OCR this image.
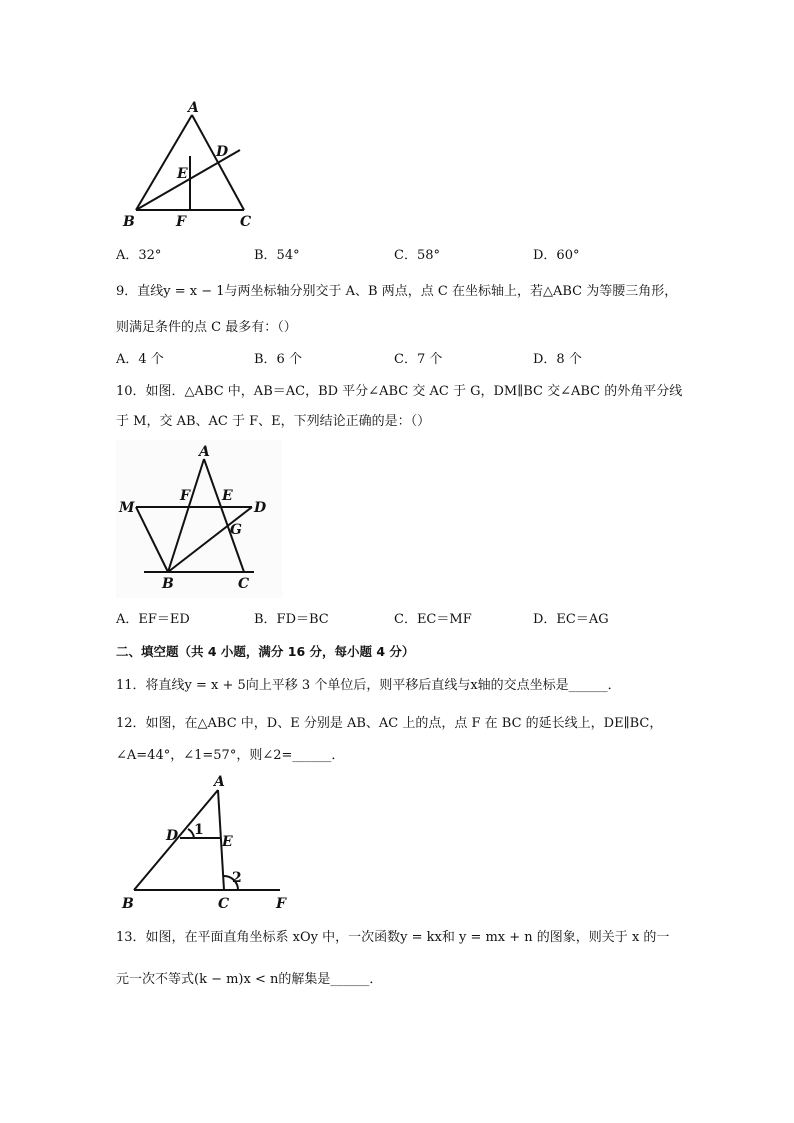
A
D
E
B	F	C
A．32°	B．54°	C．58°	D．60°
9．直线y = x − 1与两坐标轴分别交于 A、B 两点，点 C 在坐标轴上，若△ABC 为等腰三角形，
则满足条件的点 C 最多有：（）
A．4 个	B．6 个	C．7 个	D．8 个
10．如图．△ABC 中，AB＝AC，BD 平分∠ABC 交 AC 于 G，DM∥BC 交∠ABC 的外角平分线
于 M，交 AB、AC 于 F、E，下列结论正确的是：（）
A
M
F E
D
G
B	C
A．EF＝ED	B．FD＝BC	C．EC＝MF	D．EC＝AG
二、填空题（共 4 小题，满分 16 分，每小题 4 分）
11．将直线y = x + 5向上平移 3 个单位后，则平移后直线与x轴的交点坐标是______．
12．如图，在△ABC 中，D、E 分别是 AB、AC 上的点，点 F 在 BC 的延长线上，DE∥BC，
∠A=44°，∠1=57°，则∠2=______．
A
D 1
E
2
B	C	F
13．如图，在平面直角坐标系 xOy 中，一次函数y = kx和 y = mx + n 的图象，则关于 x 的一
元一次不等式(k − m)x < n的解集是______．
